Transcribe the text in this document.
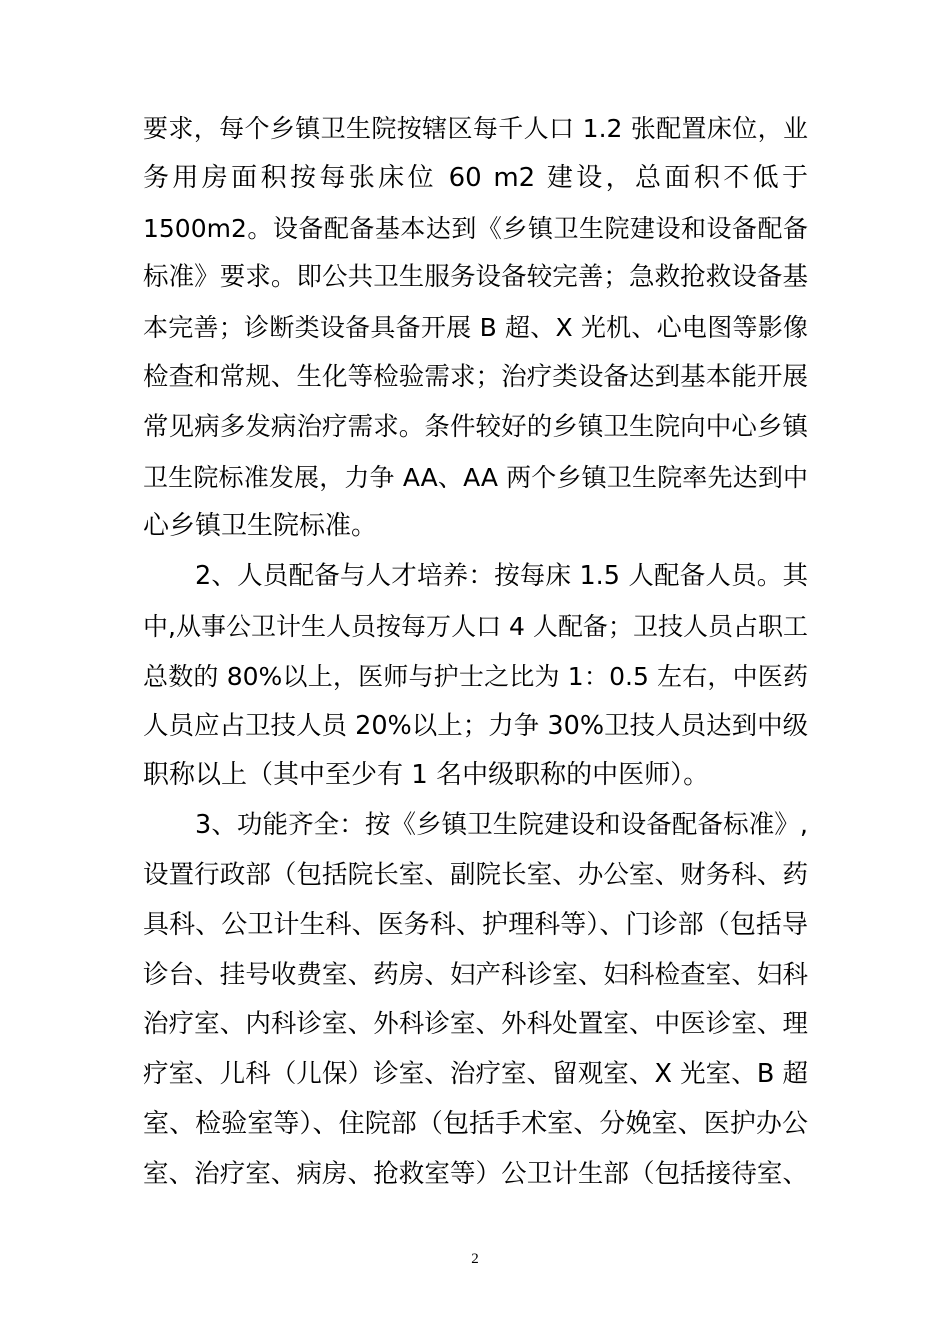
要求，每个乡镇卫生院按辖区每千人口 1.2 张配置床位，业
务用房面积按每张床位 60 m2 建设，总面积不低于
1500m2。设备配备基本达到《乡镇卫生院建设和设备配备
标准》要求。即公共卫生服务设备较完善；急救抢救设备基
本完善；诊断类设备具备开展 B 超、X 光机、心电图等影像
检查和常规、生化等检验需求；治疗类设备达到基本能开展
常见病多发病治疗需求。条件较好的乡镇卫生院向中心乡镇
卫生院标准发展，力争 AA、AA 两个乡镇卫生院率先达到中
心乡镇卫生院标准。
2、人员配备与人才培养：按每床 1.5 人配备人员。其
中,从事公卫计生人员按每万人口 4 人配备；卫技人员占职工
总数的 80%以上，医师与护士之比为 1：0.5 左右，中医药
人员应占卫技人员 20%以上；力争 30%卫技人员达到中级
职称以上（其中至少有 1 名中级职称的中医师）。
3、功能齐全：按《乡镇卫生院建设和设备配备标准》,
设置行政部（包括院长室、副院长室、办公室、财务科、药
具科、公卫计生科、医务科、护理科等）、门诊部（包括导
诊台、挂号收费室、药房、妇产科诊室、妇科检查室、妇科
治疗室、内科诊室、外科诊室、外科处置室、中医诊室、理
疗室、儿科（儿保）诊室、治疗室、留观室、X 光室、B 超
室、检验室等）、住院部（包括手术室、分娩室、医护办公
室、治疗室、病房、抢救室等）公卫计生部（包括接待室、
2
